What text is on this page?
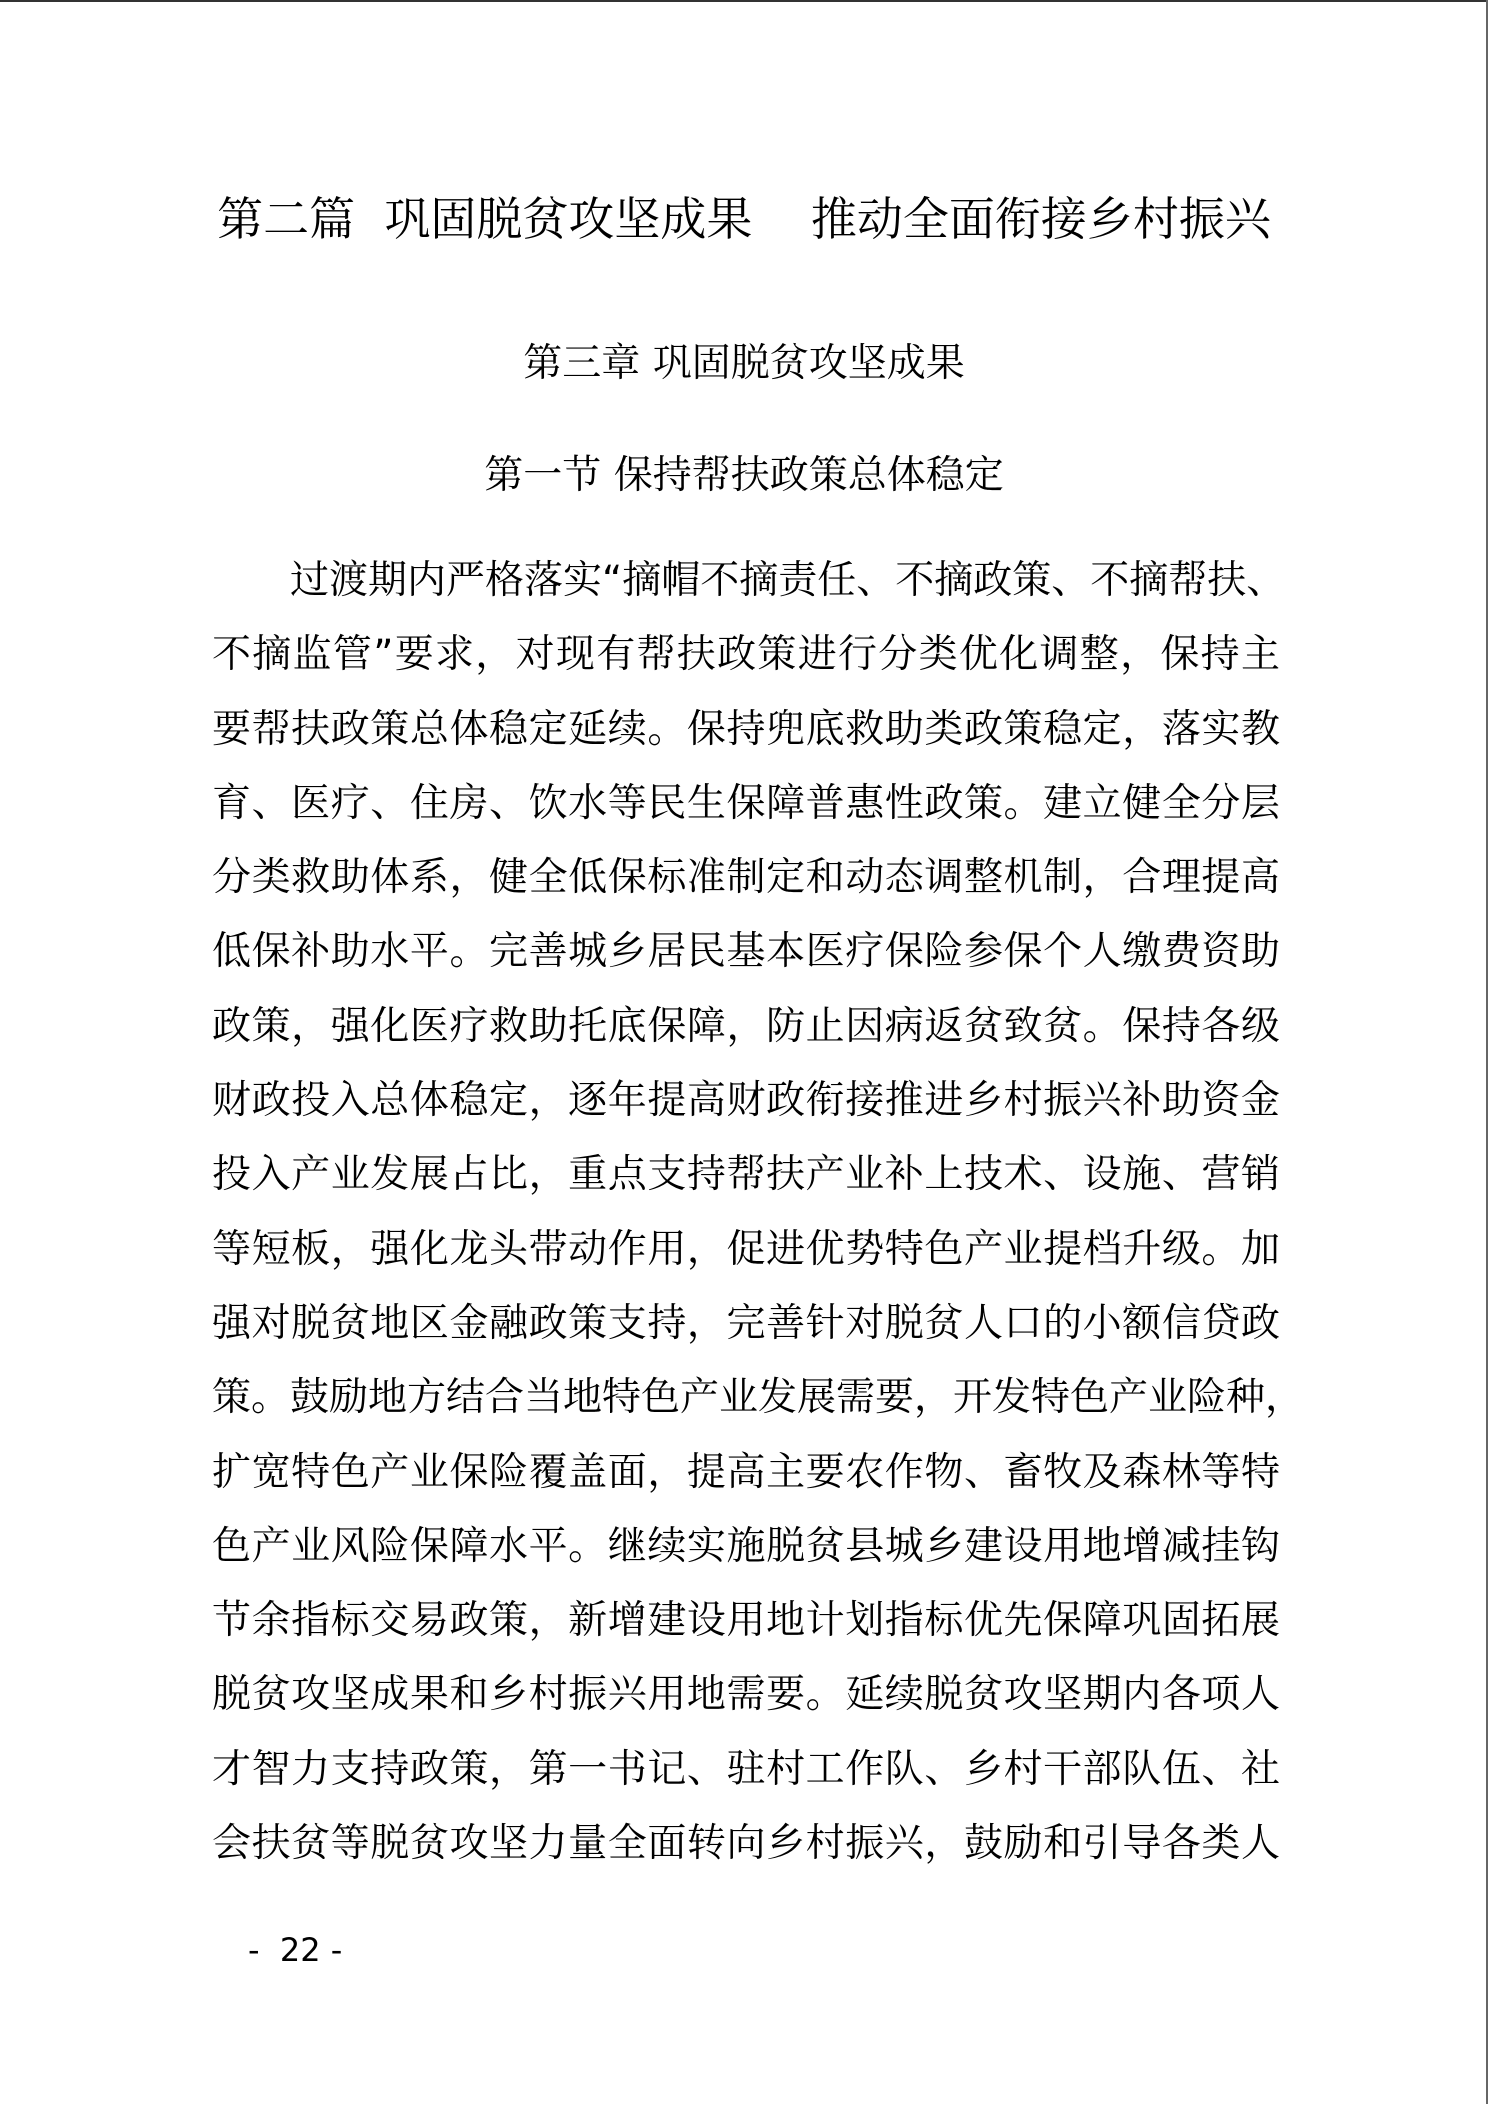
第二篇  巩固脱贫攻坚成果    推动全面衔接乡村振兴
第三章 巩固脱贫攻坚成果
第一节 保持帮扶政策总体稳定
　　过渡期内严格落实“摘帽不摘责任、不摘政策、不摘帮扶、
不摘监管”要求，对现有帮扶政策进行分类优化调整，保持主
要帮扶政策总体稳定延续。保持兜底救助类政策稳定，落实教
育、医疗、住房、饮水等民生保障普惠性政策。建立健全分层
分类救助体系，健全低保标准制定和动态调整机制，合理提高
低保补助水平。完善城乡居民基本医疗保险参保个人缴费资助
政策，强化医疗救助托底保障，防止因病返贫致贫。保持各级
财政投入总体稳定，逐年提高财政衔接推进乡村振兴补助资金
投入产业发展占比，重点支持帮扶产业补上技术、设施、营销
等短板，强化龙头带动作用，促进优势特色产业提档升级。加
强对脱贫地区金融政策支持，完善针对脱贫人口的小额信贷政
策。鼓励地方结合当地特色产业发展需要，开发特色产业险种，
扩宽特色产业保险覆盖面，提高主要农作物、畜牧及森林等特
色产业风险保障水平。继续实施脱贫县城乡建设用地增减挂钩
节余指标交易政策，新增建设用地计划指标优先保障巩固拓展
脱贫攻坚成果和乡村振兴用地需要。延续脱贫攻坚期内各项人
才智力支持政策，第一书记、驻村工作队、乡村干部队伍、社
会扶贫等脱贫攻坚力量全面转向乡村振兴，鼓励和引导各类人
-  22 -
